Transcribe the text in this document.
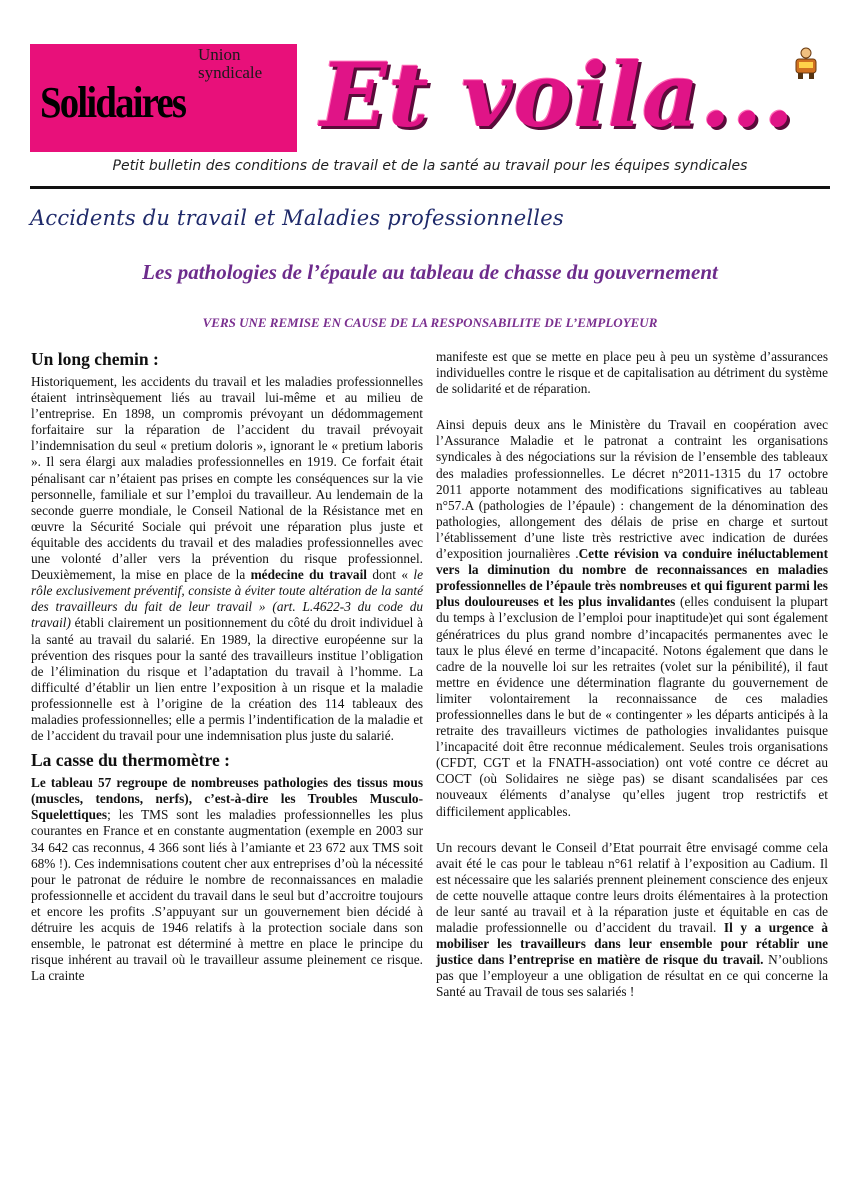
Union
syndicale
Solidaires Et voila...
Petit bulletin des conditions de travail et de la santé au travail pour les équipes syndicales
Accidents du travail et Maladies professionnelles
Les pathologies de l’épaule au tableau de chasse du gouvernement
VERS UNE REMISE EN CAUSE DE LA RESPONSABILITE DE L’EMPLOYEUR
Un long chemin :

Historiquement, les accidents du travail et les maladies professionnelles étaient intrinsèquement liés au travail lui-même et au milieu de l’entreprise. En 1898, un compromis prévoyant un dédommagement forfaitaire sur la réparation de l’accident du travail prévoyait l’indemnisation du seul « pretium doloris », ignorant le « pretium laboris ». Il sera élargi aux maladies professionnelles en 1919. Ce forfait était pénalisant car n’étaient pas prises en compte les conséquences sur la vie personnelle, familiale et sur l’emploi du travailleur. Au lendemain de la seconde guerre mondiale, le Conseil National de la Résistance met en œuvre la Sécurité Sociale qui prévoit une réparation plus juste et équitable des accidents du travail et des maladies professionnelles avec une volonté d’aller vers la prévention du risque professionnel. Deuxièmement, la mise en place de la médecine du travail dont « le rôle exclusivement préventif, consiste à éviter toute altération de la santé des travailleurs du fait de leur travail » (art. L.4622-3 du code du travail) établi clairement un positionnement du côté du droit individuel à la santé au travail du salarié. En 1989, la directive européenne sur la prévention des risques pour la santé des travailleurs institue l’obligation de l’élimination du risque et l’adaptation du travail à l’homme. La difficulté d’établir un lien entre l’exposition à un risque et la maladie professionnelle est à l’origine de la création des 114 tableaux des maladies professionnelles; elle a permis l’indentification de la maladie et de l’accident du travail pour une indemnisation plus juste du salarié.

La casse du thermomètre :

Le tableau 57 regroupe de nombreuses pathologies des tissus mous (muscles, tendons, nerfs), c’est-à-dire les Troubles Musculo-Squelettiques; les TMS sont les maladies professionnelles les plus courantes en France et en constante augmentation (exemple en 2003 sur 34 642 cas reconnus, 4 366 sont liés à l’amiante et 23 672 aux TMS soit 68% !). Ces indemnisations coutent cher aux entreprises d’où la nécessité pour le patronat de réduire le nombre de reconnaissances en maladie professionnelle et accident du travail dans le seul but d’accroitre toujours et encore les profits .S’appuyant sur un gouvernement bien décidé à détruire les acquis de 1946 relatifs à la protection sociale dans son ensemble, le patronat est déterminé à mettre en place le principe du risque inhérent au travail où le travailleur assume pleinement ce risque. La crainte

manifeste est que se mette en place peu à peu un système d’assurances individuelles contre le risque et de capitalisation au détriment du système de solidarité et de réparation.

Ainsi depuis deux ans le Ministère du Travail en coopération avec l’Assurance Maladie et le patronat a contraint les organisations syndicales à des négociations sur la révision de l’ensemble des tableaux des maladies professionnelles. Le décret n°2011-1315 du 17 octobre 2011 apporte notamment des modifications significatives au tableau n°57.A (pathologies de l’épaule) : changement de la dénomination des pathologies, allongement des délais de prise en charge et surtout l’établissement d’une liste très restrictive avec indication de durées d’exposition journalières .Cette révision va conduire inéluctablement vers la diminution du nombre de reconnaissances en maladies professionnelles de l’épaule très nombreuses et qui figurent parmi les plus douloureuses et les plus invalidantes (elles conduisent la plupart du temps à l’exclusion de l’emploi pour inaptitude)et qui sont également génératrices du plus grand nombre d’incapacités permanentes avec le taux le plus élevé en terme d’incapacité. Notons également que dans le cadre de la nouvelle loi sur les retraites (volet sur la pénibilité), il faut mettre en évidence une détermination flagrante du gouvernement de limiter volontairement la reconnaissance de ces maladies professionnelles dans le but de « contingenter » les départs anticipés à la retraite des travailleurs victimes de pathologies invalidantes puisque l’incapacité doit être reconnue médicalement. Seules trois organisations (CFDT, CGT et la FNATH-association) ont voté contre ce décret au COCT (où Solidaires ne siège pas) se disant scandalisées par ces nouveaux éléments d’analyse qu’elles jugent trop restrictifs et difficilement applicables.

Un recours devant le Conseil d’Etat pourrait être envisagé comme cela avait été le cas pour le tableau n°61 relatif à l’exposition au Cadium. Il est nécessaire que les salariés prennent pleinement conscience des enjeux de cette nouvelle attaque contre leurs droits élémentaires à la protection de leur santé au travail et à la réparation juste et équitable en cas de maladie professionnelle ou d’accident du travail. Il y a urgence à mobiliser les travailleurs dans leur ensemble pour rétablir une justice dans l’entreprise en matière de risque du travail. N’oublions pas que l’employeur a une obligation de résultat en ce qui concerne la Santé au Travail de tous ses salariés !
